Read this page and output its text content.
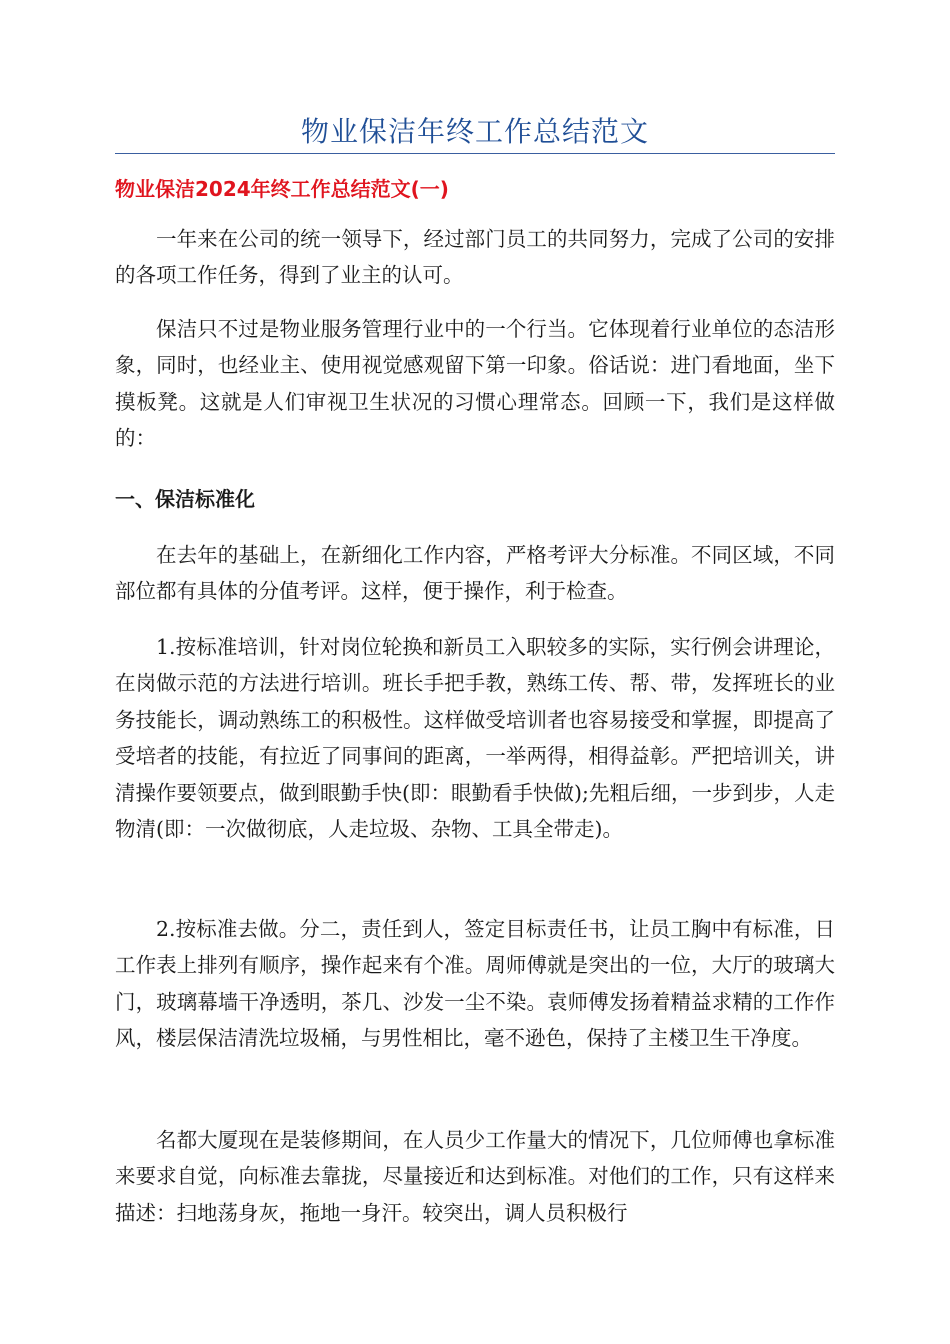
物业保洁年终工作总结范文
物业保洁2024年终工作总结范文(一)

一年来在公司的统一领导下，经过部门员工的共同努力，完成了公司的安排的各项工作任务，得到了业主的认可。

保洁只不过是物业服务管理行业中的一个行当。它体现着行业单位的态洁形象，同时，也经业主、使用视觉感观留下第一印象。俗话说：进门看地面，坐下摸板凳。这就是人们审视卫生状况的习惯心理常态。回顾一下，我们是这样做的：

一、保洁标准化

在去年的基础上，在新细化工作内容，严格考评大分标准。不同区域，不同部位都有具体的分值考评。这样，便于操作，利于检查。

1.按标准培训，针对岗位轮换和新员工入职较多的实际，实行例会讲理论，在岗做示范的方法进行培训。班长手把手教，熟练工传、帮、带，发挥班长的业务技能长，调动熟练工的积极性。这样做受培训者也容易接受和掌握，即提高了受培者的技能，有拉近了同事间的距离，一举两得，相得益彰。严把培训关，讲清操作要领要点，做到眼勤手快(即：眼勤看手快做);先粗后细，一步到步，人走物清(即：一次做彻底，人走垃圾、杂物、工具全带走)。

2.按标准去做。分二，责任到人，签定目标责任书，让员工胸中有标准，日工作表上排列有顺序，操作起来有个准。周师傅就是突出的一位，大厅的玻璃大门，玻璃幕墙干净透明，茶几、沙发一尘不染。袁师傅发扬着精益求精的工作作风，楼层保洁清洗垃圾桶，与男性相比，毫不逊色，保持了主楼卫生干净度。

名都大厦现在是装修期间，在人员少工作量大的情况下，几位师傅也拿标准来要求自觉，向标准去靠拢，尽量接近和达到标准。对他们的工作，只有这样来描述：扫地荡身灰，拖地一身汗。较突出，调人员积极行
